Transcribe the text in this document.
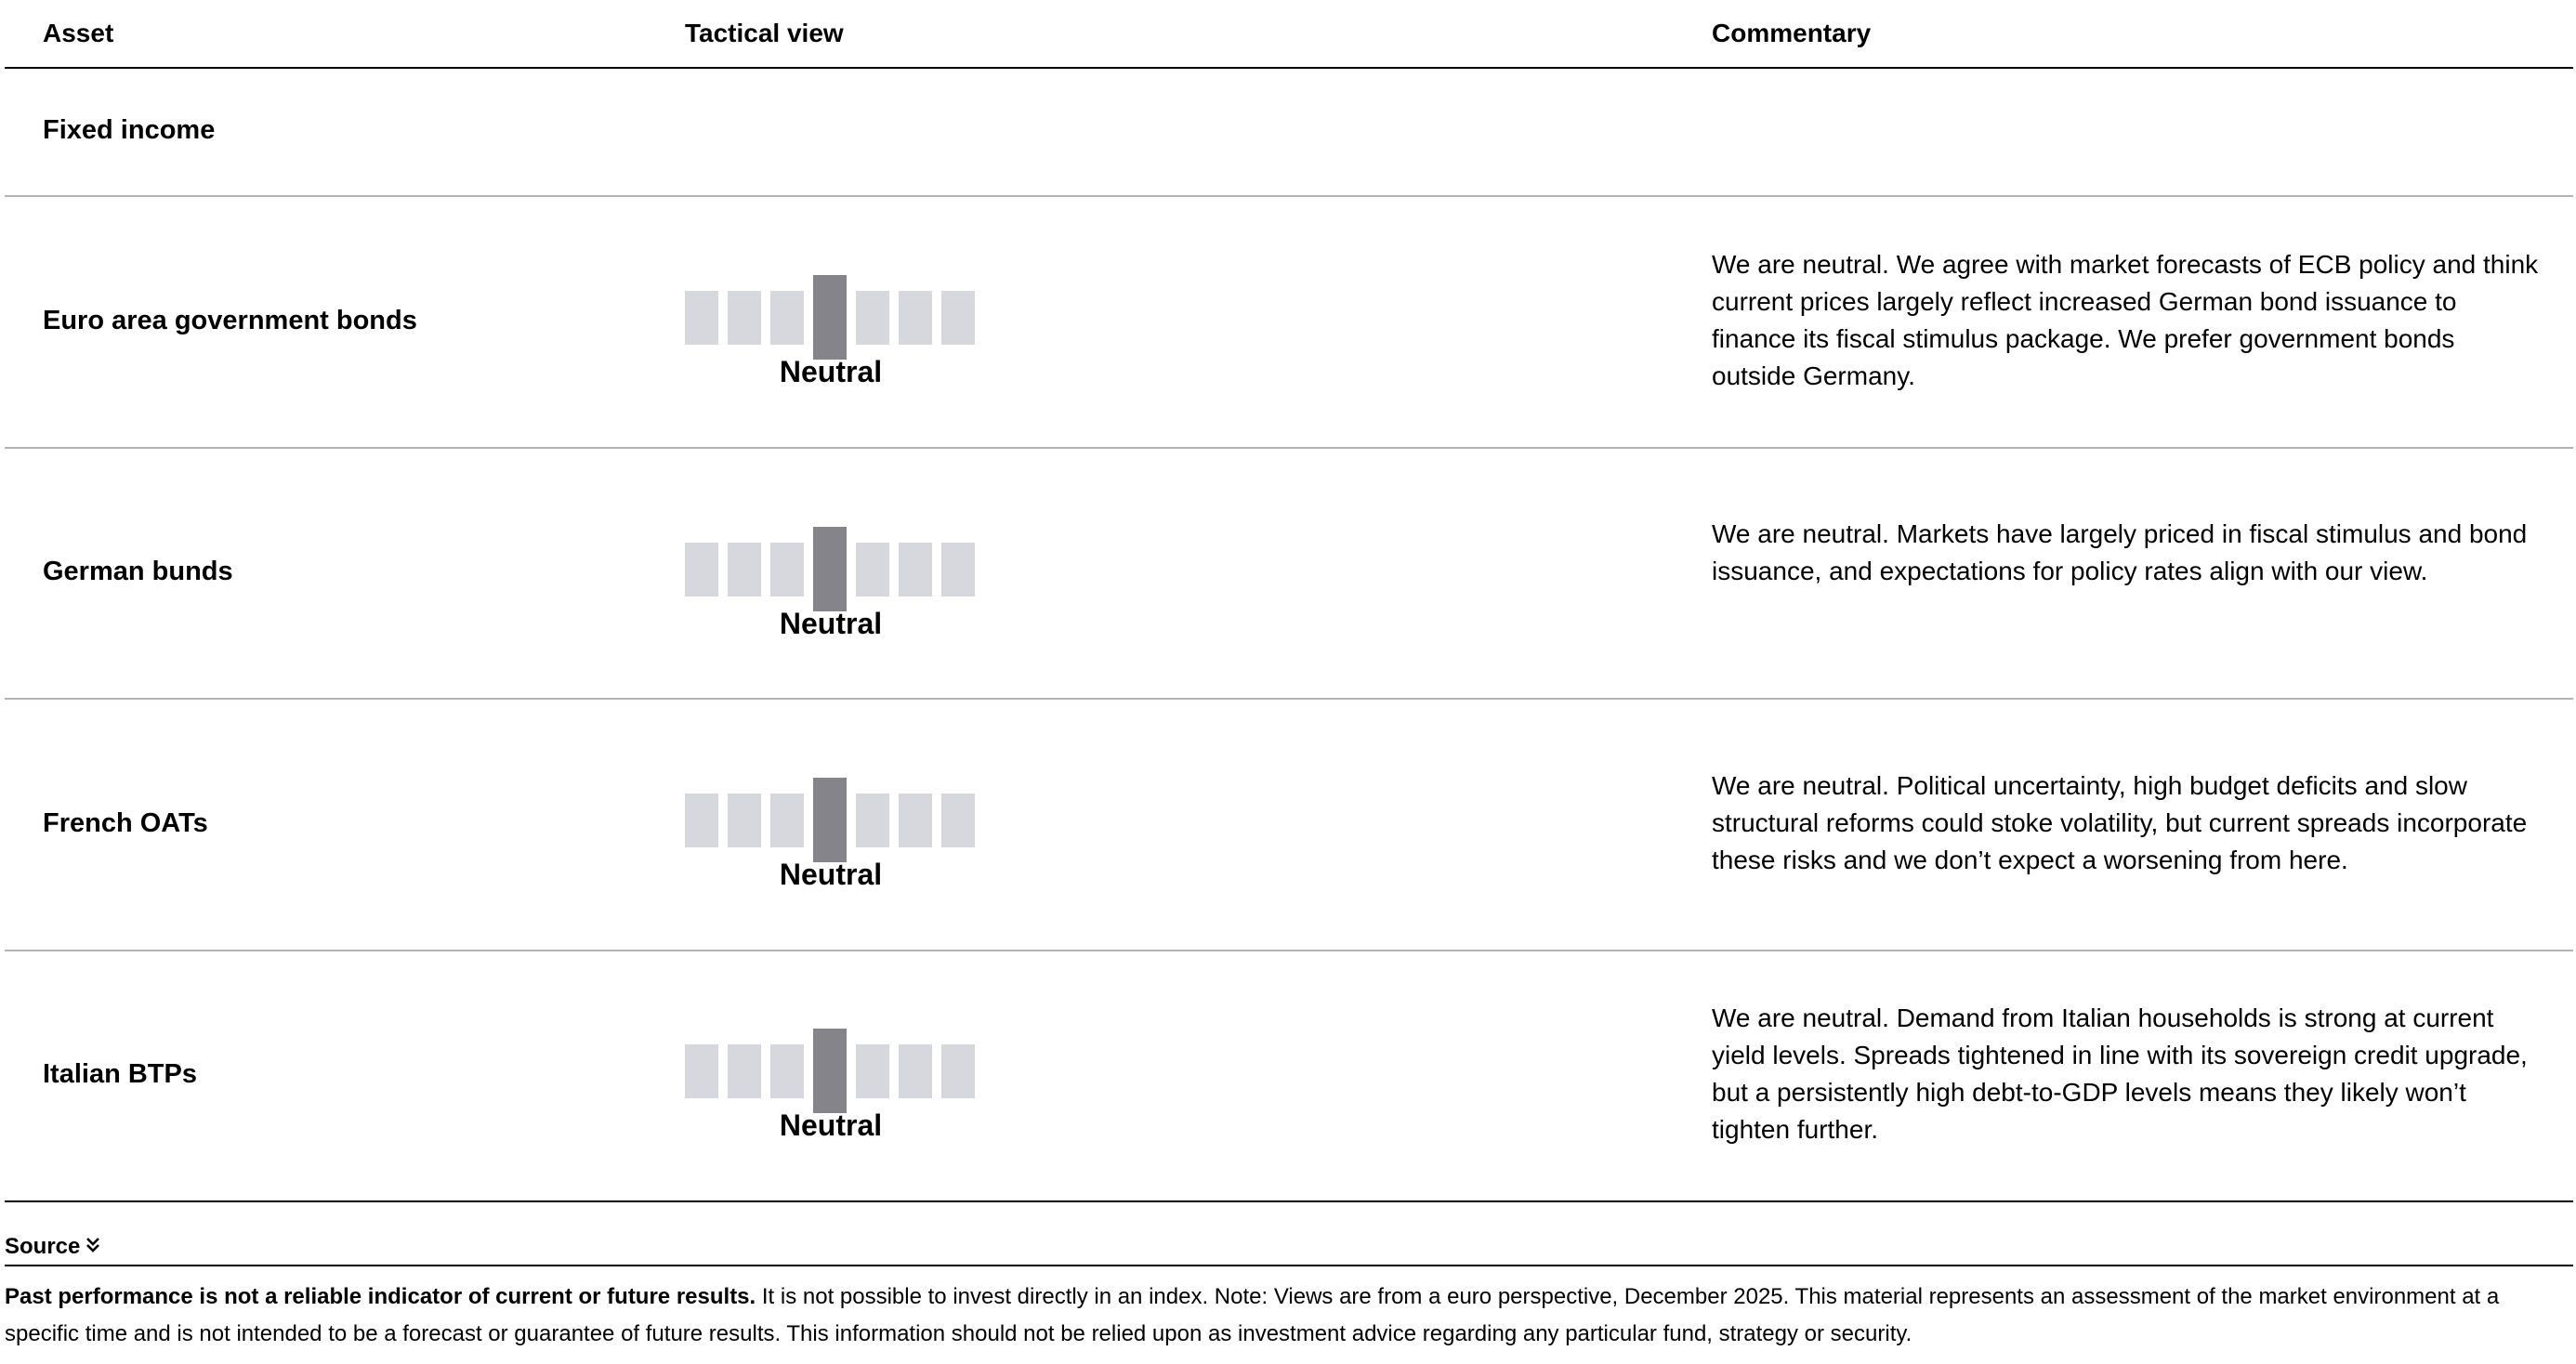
Asset	Tactical view	Commentary
Fixed income
Euro area government bonds
Neutral
We are neutral. We agree with market forecasts of ECB policy and think current prices largely reflect increased German bond issuance to finance its fiscal stimulus package. We prefer government bonds outside Germany.
German bunds
Neutral
We are neutral. Markets have largely priced in fiscal stimulus and bond issuance, and expectations for policy rates align with our view.
French OATs
Neutral
We are neutral. Political uncertainty, high budget deficits and slow structural reforms could stoke volatility, but current spreads incorporate these risks and we don’t expect a worsening from here.
Italian BTPs
Neutral
We are neutral. Demand from Italian households is strong at current yield levels. Spreads tightened in line with its sovereign credit upgrade, but a persistently high debt-to-GDP levels means they likely won’t tighten further.
Source
Past performance is not a reliable indicator of current or future results. It is not possible to invest directly in an index. Note: Views are from a euro perspective, December 2025. This material represents an assessment of the market environment at a specific time and is not intended to be a forecast or guarantee of future results. This information should not be relied upon as investment advice regarding any particular fund, strategy or security.
